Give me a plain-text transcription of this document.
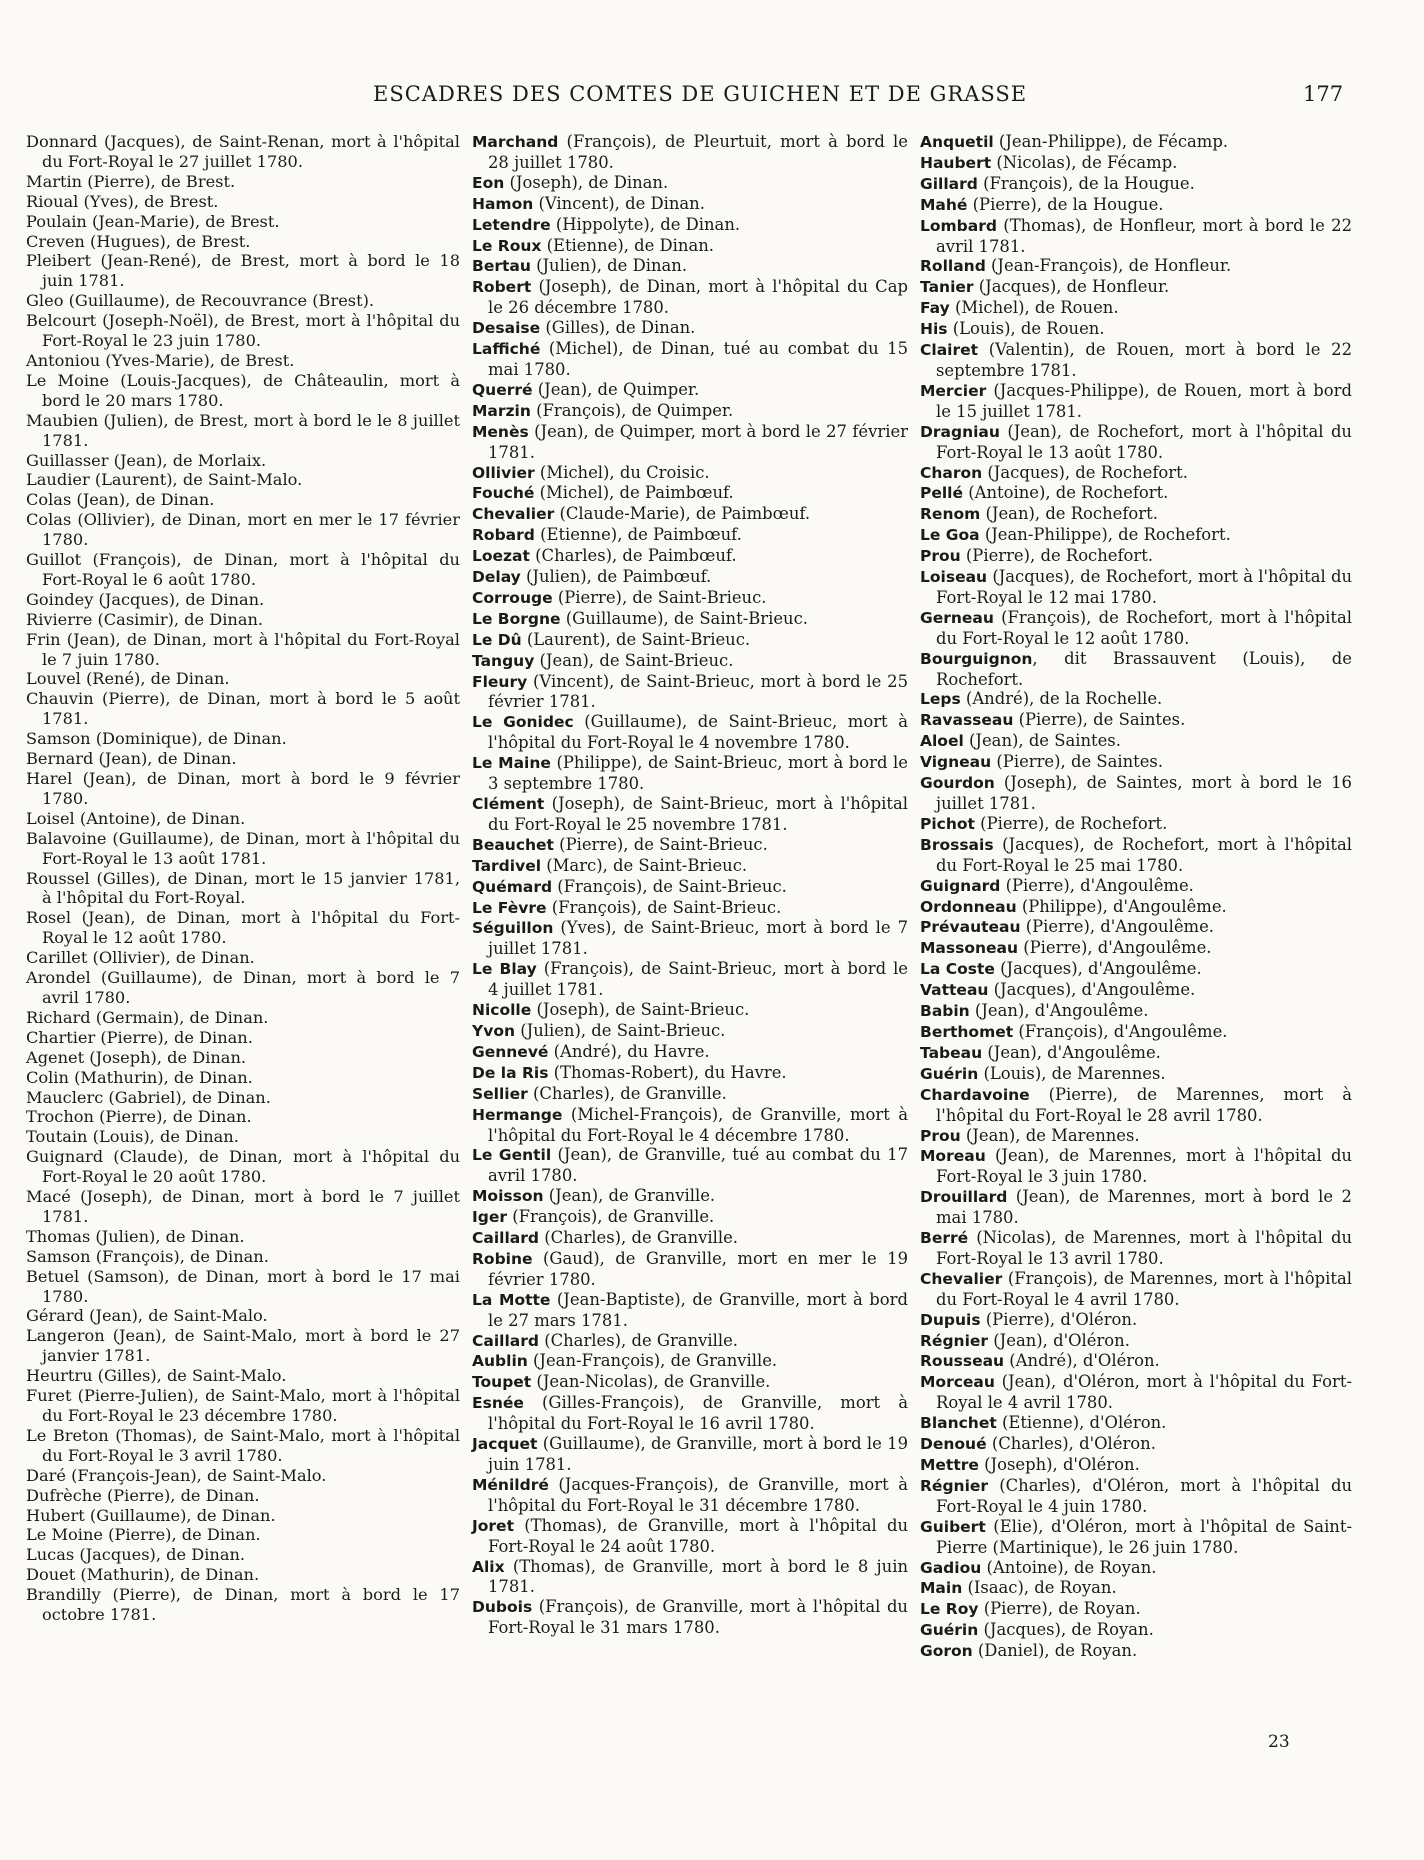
ESCADRES DES COMTES DE GUICHEN ET DE GRASSE	177

Donnard (Jacques), de Saint-Renan, mort à l'hôpital du Fort-Royal le 27 juillet 1780.

Martin (Pierre), de Brest.

Rioual (Yves), de Brest.

Poulain (Jean-Marie), de Brest.

Creven (Hugues), de Brest.

Pleibert (Jean-René), de Brest, mort à bord le 18 juin 1781.

Gleo (Guillaume), de Recouvrance (Brest).

Belcourt (Joseph-Noël), de Brest, mort à l'hôpital du Fort-Royal le 23 juin 1780.

Antoniou (Yves-Marie), de Brest.

Le Moine (Louis-Jacques), de Châteaulin, mort à bord le 20 mars 1780.

Maubien (Julien), de Brest, mort à bord le le 8 juillet 1781.

Guillasser (Jean), de Morlaix.

Laudier (Laurent), de Saint-Malo.

Colas (Jean), de Dinan.

Colas (Ollivier), de Dinan, mort en mer le 17 février 1780.

Guillot (François), de Dinan, mort à l'hôpital du Fort-Royal le 6 août 1780.

Goindey (Jacques), de Dinan.

Rivierre (Casimir), de Dinan.

Frin (Jean), de Dinan, mort à l'hôpital du Fort-Royal le 7 juin 1780.

Louvel (René), de Dinan.

Chauvin (Pierre), de Dinan, mort à bord le 5 août 1781.

Samson (Dominique), de Dinan.

Bernard (Jean), de Dinan.

Harel (Jean), de Dinan, mort à bord le 9 février 1780.

Loisel (Antoine), de Dinan.

Balavoine (Guillaume), de Dinan, mort à l'hôpital du Fort-Royal le 13 août 1781.

Roussel (Gilles), de Dinan, mort le 15 janvier 1781, à l'hôpital du Fort-Royal.

Rosel (Jean), de Dinan, mort à l'hôpital du Fort-Royal le 12 août 1780.

Carillet (Ollivier), de Dinan.

Arondel (Guillaume), de Dinan, mort à bord le 7 avril 1780.

Richard (Germain), de Dinan.

Chartier (Pierre), de Dinan.

Agenet (Joseph), de Dinan.

Colin (Mathurin), de Dinan.

Mauclerc (Gabriel), de Dinan.

Trochon (Pierre), de Dinan.

Toutain (Louis), de Dinan.

Guignard (Claude), de Dinan, mort à l'hôpital du Fort-Royal le 20 août 1780.

Macé (Joseph), de Dinan, mort à bord le 7 juillet 1781.

Thomas (Julien), de Dinan.

Samson (François), de Dinan.

Betuel (Samson), de Dinan, mort à bord le 17 mai 1780.

Gérard (Jean), de Saint-Malo.

Langeron (Jean), de Saint-Malo, mort à bord le 27 janvier 1781.

Heurtru (Gilles), de Saint-Malo.

Furet (Pierre-Julien), de Saint-Malo, mort à l'hôpital du Fort-Royal le 23 décembre 1780.

Le Breton (Thomas), de Saint-Malo, mort à l'hôpital du Fort-Royal le 3 avril 1780.

Daré (François-Jean), de Saint-Malo.

Dufrèche (Pierre), de Dinan.

Hubert (Guillaume), de Dinan.

Le Moine (Pierre), de Dinan.

Lucas (Jacques), de Dinan.

Douet (Mathurin), de Dinan.

Brandilly (Pierre), de Dinan, mort à bord le 17 octobre 1781.

Marchand (François), de Pleurtuit, mort à bord le 28 juillet 1780.

Eon (Joseph), de Dinan.

Hamon (Vincent), de Dinan.

Letendre (Hippolyte), de Dinan.

Le Roux (Etienne), de Dinan.

Bertau (Julien), de Dinan.

Robert (Joseph), de Dinan, mort à l'hôpital du Cap le 26 décembre 1780.

Desaise (Gilles), de Dinan.

Laffiché (Michel), de Dinan, tué au combat du 15 mai 1780.

Querré (Jean), de Quimper.

Marzin (François), de Quimper.

Menès (Jean), de Quimper, mort à bord le 27 février 1781.

Ollivier (Michel), du Croisic.

Fouché (Michel), de Paimbœuf.

Chevalier (Claude-Marie), de Paimbœuf.

Robard (Etienne), de Paimbœuf.

Loezat (Charles), de Paimbœuf.

Delay (Julien), de Paimbœuf.

Corrouge (Pierre), de Saint-Brieuc.

Le Borgne (Guillaume), de Saint-Brieuc.

Le Dû (Laurent), de Saint-Brieuc.

Tanguy (Jean), de Saint-Brieuc.

Fleury (Vincent), de Saint-Brieuc, mort à bord le 25 février 1781.

Le Gonidec (Guillaume), de Saint-Brieuc, mort à l'hôpital du Fort-Royal le 4 novembre 1780.

Le Maine (Philippe), de Saint-Brieuc, mort à bord le 3 septembre 1780.

Clément (Joseph), de Saint-Brieuc, mort à l'hôpital du Fort-Royal le 25 novembre 1781.

Beauchet (Pierre), de Saint-Brieuc.

Tardivel (Marc), de Saint-Brieuc.

Quémard (François), de Saint-Brieuc.

Le Fèvre (François), de Saint-Brieuc.

Séguillon (Yves), de Saint-Brieuc, mort à bord le 7 juillet 1781.

Le Blay (François), de Saint-Brieuc, mort à bord le 4 juillet 1781.

Nicolle (Joseph), de Saint-Brieuc.

Yvon (Julien), de Saint-Brieuc.

Gennevé (André), du Havre.

De la Ris (Thomas-Robert), du Havre.

Sellier (Charles), de Granville.

Hermange (Michel-François), de Granville, mort à l'hôpital du Fort-Royal le 4 décembre 1780.

Le Gentil (Jean), de Granville, tué au combat du 17 avril 1780.

Moisson (Jean), de Granville.

Iger (François), de Granville.

Caillard (Charles), de Granville.

Robine (Gaud), de Granville, mort en mer le 19 février 1780.

La Motte (Jean-Baptiste), de Granville, mort à bord le 27 mars 1781.

Caillard (Charles), de Granville.

Aublin (Jean-François), de Granville.

Toupet (Jean-Nicolas), de Granville.

Esnée (Gilles-François), de Granville, mort à l'hôpital du Fort-Royal le 16 avril 1780.

Jacquet (Guillaume), de Granville, mort à bord le 19 juin 1781.

Ménildré (Jacques-François), de Granville, mort à l'hôpital du Fort-Royal le 31 décembre 1780.

Joret (Thomas), de Granville, mort à l'hôpital du Fort-Royal le 24 août 1780.

Alix (Thomas), de Granville, mort à bord le 8 juin 1781.

Dubois (François), de Granville, mort à l'hôpital du Fort-Royal le 31 mars 1780.

Anquetil (Jean-Philippe), de Fécamp.

Haubert (Nicolas), de Fécamp.

Gillard (François), de la Hougue.

Mahé (Pierre), de la Hougue.

Lombard (Thomas), de Honfleur, mort à bord le 22 avril 1781.

Rolland (Jean-François), de Honfleur.

Tanier (Jacques), de Honfleur.

Fay (Michel), de Rouen.

His (Louis), de Rouen.

Clairet (Valentin), de Rouen, mort à bord le 22 septembre 1781.

Mercier (Jacques-Philippe), de Rouen, mort à bord le 15 juillet 1781.

Dragniau (Jean), de Rochefort, mort à l'hôpital du Fort-Royal le 13 août 1780.

Charon (Jacques), de Rochefort.

Pellé (Antoine), de Rochefort.

Renom (Jean), de Rochefort.

Le Goa (Jean-Philippe), de Rochefort.

Prou (Pierre), de Rochefort.

Loiseau (Jacques), de Rochefort, mort à l'hôpital du Fort-Royal le 12 mai 1780.

Gerneau (François), de Rochefort, mort à l'hôpital du Fort-Royal le 12 août 1780.

Bourguignon, dit Brassauvent (Louis), de Rochefort.

Leps (André), de la Rochelle.

Ravasseau (Pierre), de Saintes.

Aloel (Jean), de Saintes.

Vigneau (Pierre), de Saintes.

Gourdon (Joseph), de Saintes, mort à bord le 16 juillet 1781.

Pichot (Pierre), de Rochefort.

Brossais (Jacques), de Rochefort, mort à l'hôpital du Fort-Royal le 25 mai 1780.

Guignard (Pierre), d'Angoulême.

Ordonneau (Philippe), d'Angoulême.

Prévauteau (Pierre), d'Angoulême.

Massoneau (Pierre), d'Angoulême.

La Coste (Jacques), d'Angoulême.

Vatteau (Jacques), d'Angoulême.

Babin (Jean), d'Angoulême.

Berthomet (François), d'Angoulême.

Tabeau (Jean), d'Angoulême.

Guérin (Louis), de Marennes.

Chardavoine (Pierre), de Marennes, mort à l'hôpital du Fort-Royal le 28 avril 1780.

Prou (Jean), de Marennes.

Moreau (Jean), de Marennes, mort à l'hôpital du Fort-Royal le 3 juin 1780.

Drouillard (Jean), de Marennes, mort à bord le 2 mai 1780.

Berré (Nicolas), de Marennes, mort à l'hôpital du Fort-Royal le 13 avril 1780.

Chevalier (François), de Marennes, mort à l'hôpital du Fort-Royal le 4 avril 1780.

Dupuis (Pierre), d'Oléron.

Régnier (Jean), d'Oléron.

Rousseau (André), d'Oléron.

Morceau (Jean), d'Oléron, mort à l'hôpital du Fort-Royal le 4 avril 1780.

Blanchet (Etienne), d'Oléron.

Denoué (Charles), d'Oléron.

Mettre (Joseph), d'Oléron.

Régnier (Charles), d'Oléron, mort à l'hôpital du Fort-Royal le 4 juin 1780.

Guibert (Elie), d'Oléron, mort à l'hôpital de Saint-Pierre (Martinique), le 26 juin 1780.

Gadiou (Antoine), de Royan.

Main (Isaac), de Royan.

Le Roy (Pierre), de Royan.

Guérin (Jacques), de Royan.

Goron (Daniel), de Royan.

23
